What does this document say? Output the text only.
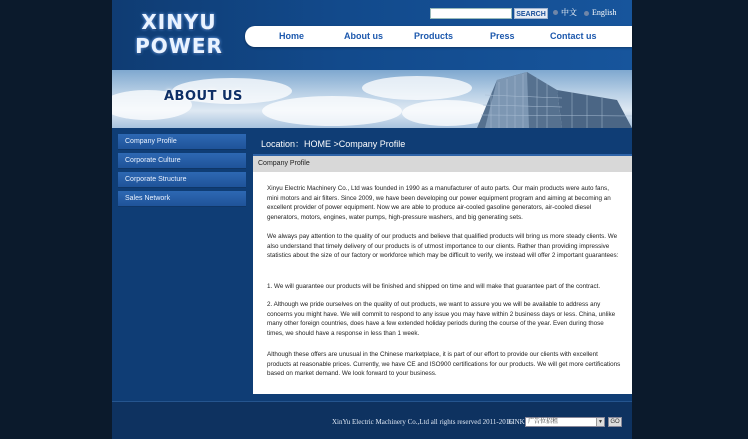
XINYU
POWER
SEARCH	中文	English
Home	About us	Products	Press	Contact us
ABOUT US
Company Profile
Corporate Culture
Corporate Structure
Sales Network
Location：HOME >Company Profile
Company Profile
Xinyu Electric Machinery Co., Ltd was founded in 1990 as a manufacturer of auto parts. Our main products were auto fans, mini motors and air filters. Since 2009, we have been developing our power equipment program and aiming at becoming an excellent provider of power equipment. Now we are able to produce air-cooled gasoline generators, air-cooled diesel generators, motors, engines, water pumps, high-pressure washers, and big generating sets.
We always pay attention to the quality of our products and believe that qualified products will bring us more steady clients. We also understand that timely delivery of our products is of utmost importance to our clients. Rather than providing impressive statistics about the size of our factory or workforce which may be difficult to verify, we instead will offer 2 important guarantees:
1. We will guarantee our products will be finished and shipped on time and will make that guarantee part of the contract.
2. Although we pride ourselves on the quality of out products, we want to assure you we will be available to address any concerns you might have. We will commit to respond to any issue you may have within 2 business days or less. China, unlike many other foreign countries, does have a few extended holiday periods during the course of the year. Even during those times, we should have a response in less than 1 week.
Although these offers are unusual in the Chinese marketplace, it is part of our effort to provide our clients with excellent products at reasonable prices. Currently, we have CE and ISO900 certifications for our products. We will get more certifications based on market demand. We look forward to your business.
XinYu Electric Machinery Co.,Ltd all rights reserved 2011-2016
LINK 广告位招租	▼	GO
